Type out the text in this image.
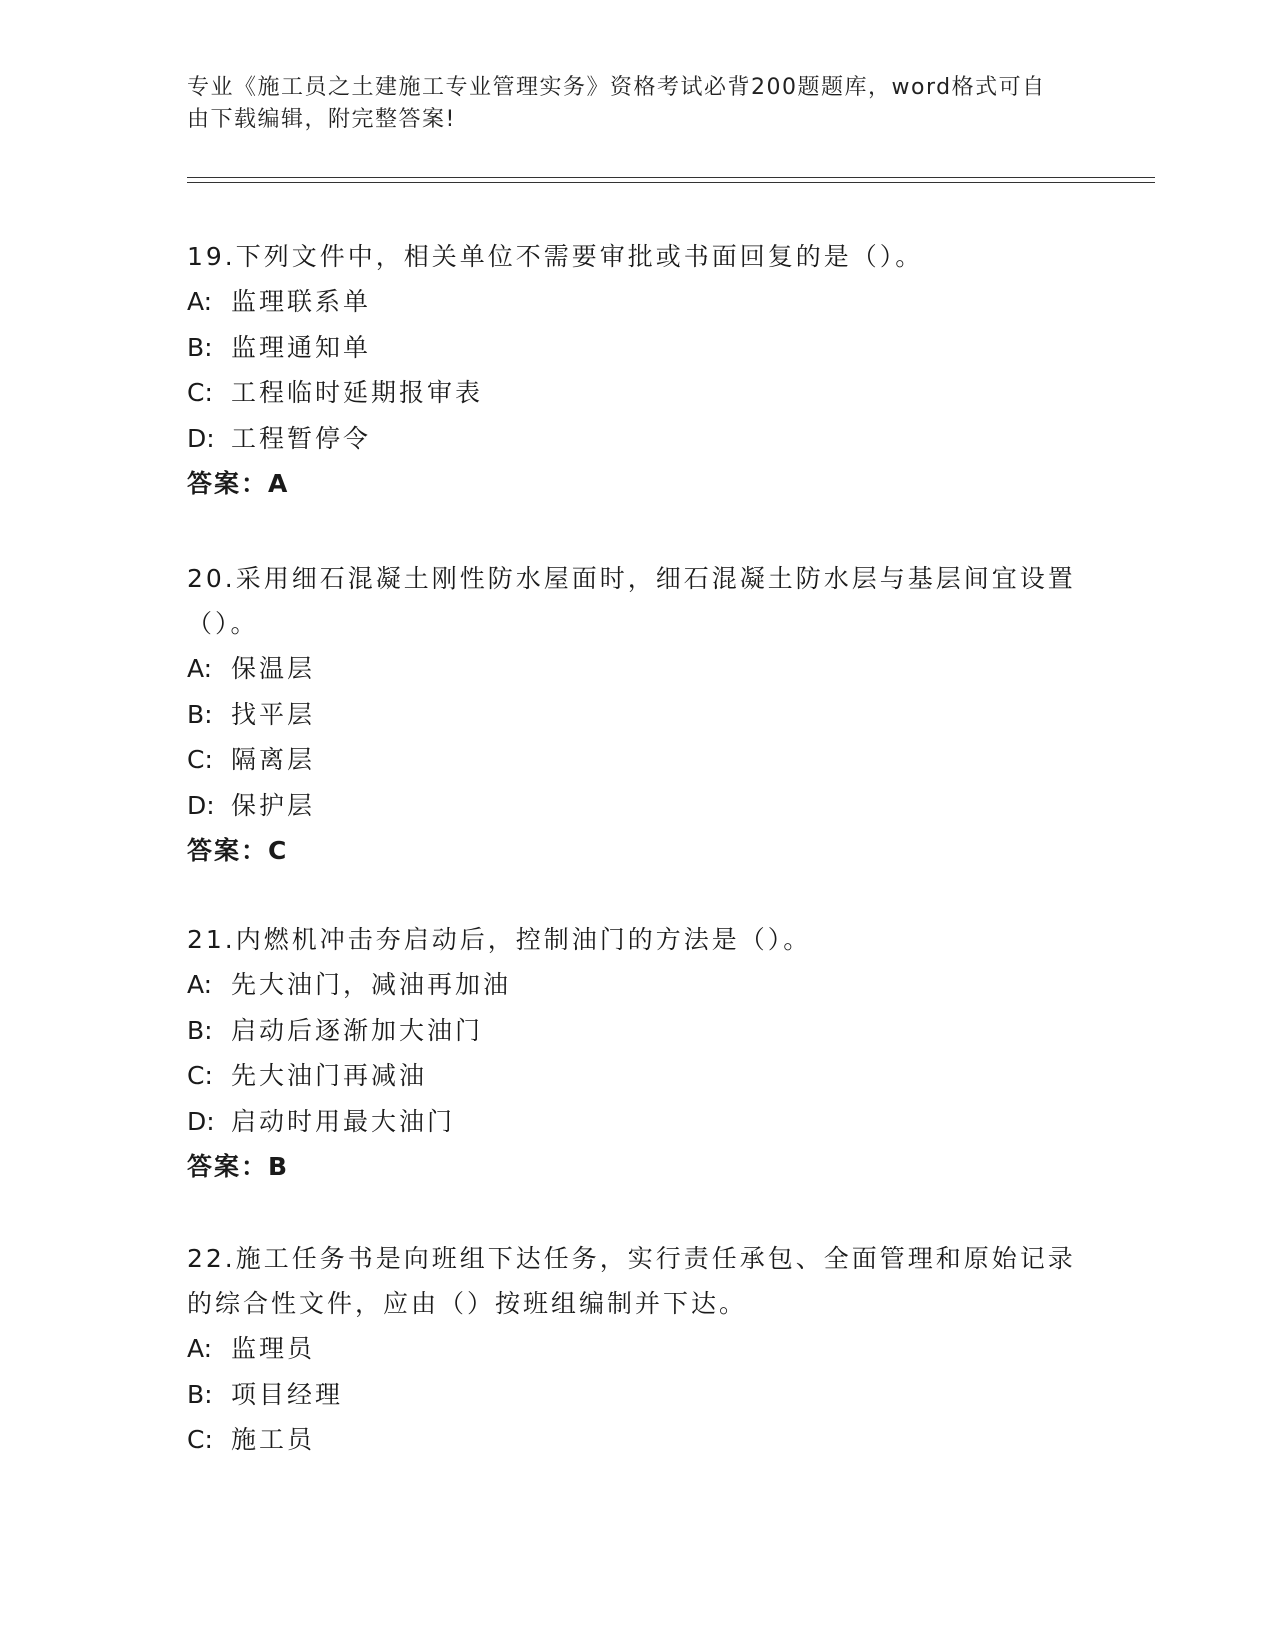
专业《施工员之土建施工专业管理实务》资格考试必背200题题库，word格式可自由下载编辑，附完整答案!

19.下列文件中，相关单位不需要审批或书面回复的是（）。

A: 监理联系单

B: 监理通知单

C: 工程临时延期报审表

D: 工程暂停令

答案：A

20.采用细石混凝土刚性防水屋面时，细石混凝土防水层与基层间宜设置（）。

A: 保温层

B: 找平层

C: 隔离层

D: 保护层

答案：C

21.内燃机冲击夯启动后，控制油门的方法是（）。

A: 先大油门，减油再加油

B: 启动后逐渐加大油门

C: 先大油门再减油

D: 启动时用最大油门

答案：B

22.施工任务书是向班组下达任务，实行责任承包、全面管理和原始记录的综合性文件，应由（）按班组编制并下达。

A: 监理员

B: 项目经理

C: 施工员
